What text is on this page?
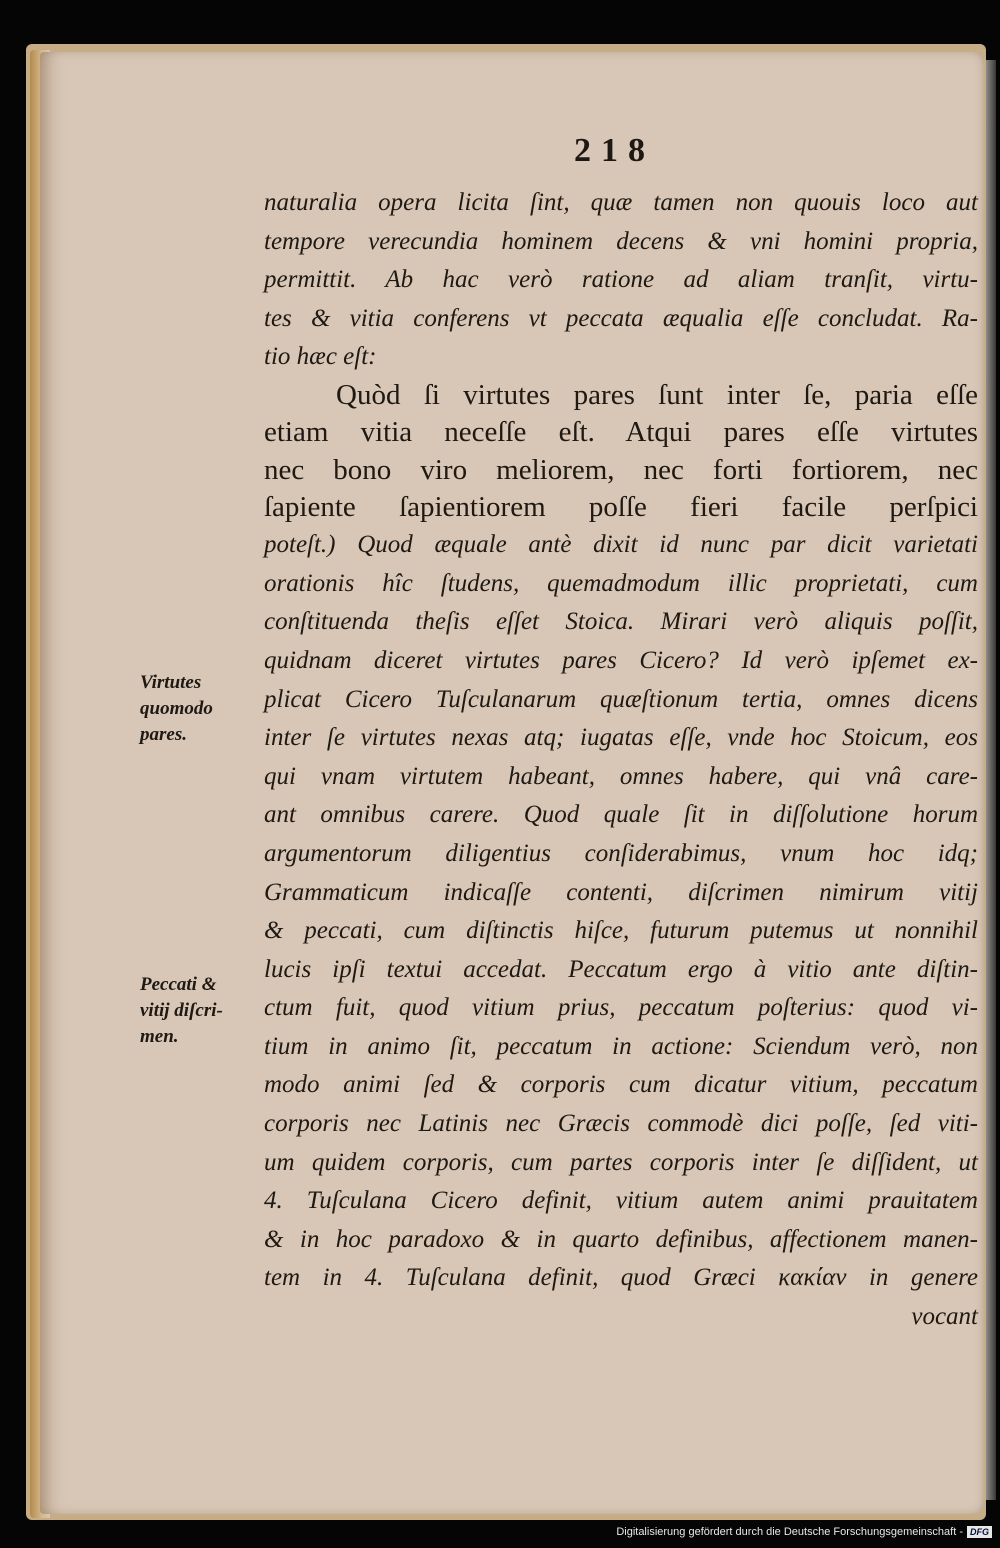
218
naturalia opera licita ſint, quæ tamen non quouis loco aut
tempore verecundia hominem decens & vni homini propria,
permittit. Ab hac verò ratione ad aliam tranſit, virtu-
tes & vitia conferens vt peccata æqualia eſſe concludat. Ra-
tio hæc eſt:
Quòd ſi virtutes pares ſunt inter ſe, paria eſſe
etiam vitia neceſſe eſt. Atqui pares eſſe virtutes
nec bono viro meliorem, nec forti fortiorem, nec
ſapiente ſapientiorem poſſe fieri facile perſpici
poteſt.) Quod æquale antè dixit id nunc par dicit varietati
orationis hîc ſtudens, quemadmodum illic proprietati, cum
conſtituenda theſis eſſet Stoica. Mirari verò aliquis poſſit,
quidnam diceret virtutes pares Cicero? Id verò ipſemet ex-
plicat Cicero Tuſculanarum quæſtionum tertia, omnes dicens
inter ſe virtutes nexas atq; iugatas eſſe, vnde hoc Stoicum, eos
qui vnam virtutem habeant, omnes habere, qui vnâ care-
ant omnibus carere. Quod quale ſit in diſſolutione horum
argumentorum diligentius conſiderabimus, vnum hoc idq;
Grammaticum indicaſſe contenti, diſcrimen nimirum vitij
& peccati, cum diſtinctis hiſce, futurum putemus ut nonnihil
lucis ipſi textui accedat. Peccatum ergo à vitio ante diſtin-
ctum fuit, quod vitium prius, peccatum poſterius: quod vi-
tium in animo ſit, peccatum in actione: Sciendum verò, non
modo animi ſed & corporis cum dicatur vitium, peccatum
corporis nec Latinis nec Græcis commodè dici poſſe, ſed viti-
um quidem corporis, cum partes corporis inter ſe diſſident, ut
4. Tuſculana Cicero definit, vitium autem animi prauitatem
& in hoc paradoxo & in quarto definibus, affectionem manen-
tem in 4. Tuſculana definit, quod Græci κακίαν in genere
vocant
Virtutes
quomodo
pares.
Peccati &
vitij diſcri-
men.
Digitalisierung gefördert durch die Deutsche Forschungsgemeinschaft - DFG
